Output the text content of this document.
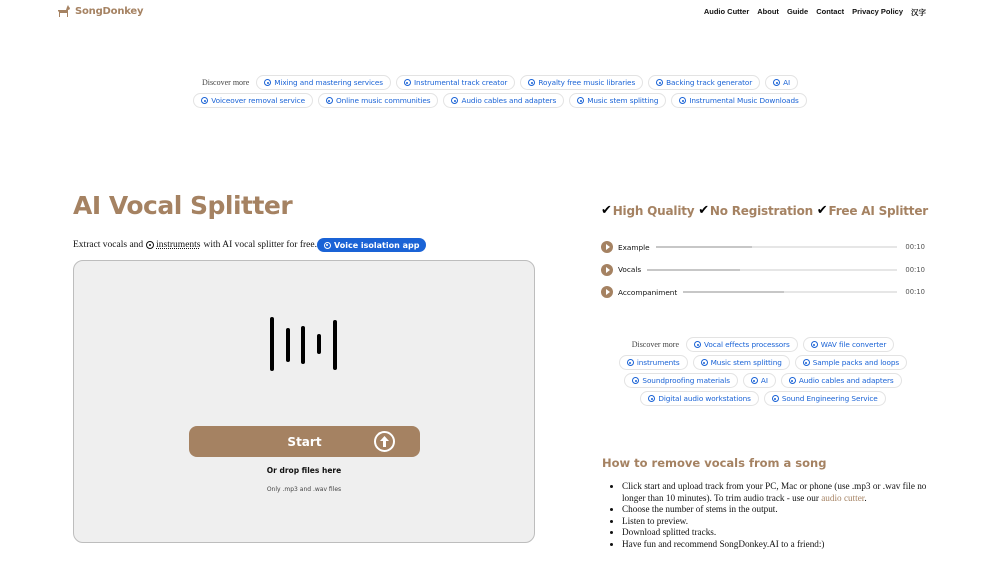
SongDonkey	Audio Cutter About Guide Contact Privacy Policy 汉字
Discover more	Mixing and mastering services	Instrumental track creator	Royalty free music libraries	Backing track generator	AI
Voiceover removal service	Online music communities	Audio cables and adapters	Music stem splitting	Instrumental Music Downloads
AI Vocal Splitter
Extract vocals and instruments with AI vocal splitter for free. Voice isolation app
Start
Or drop files here
Only .mp3 and .wav files
✔ High Quality ✔ No Registration ✔ Free AI Splitter
Example	00:10
Vocals	00:10
Accompaniment	00:10
Discover more	Vocal effects processors	WAV file converter
instruments	Music stem splitting	Sample packs and loops
Soundproofing materials	AI	Audio cables and adapters
Digital audio workstations	Sound Engineering Service
How to remove vocals from a song
• Click start and upload track from your PC, Mac or phone (use .mp3 or .wav file no longer than 10 minutes). To trim audio track - use our audio cutter.
• Choose the number of stems in the output.
• Listen to preview.
• Download splitted tracks.
• Have fun and recommend SongDonkey.AI to a friend:)
